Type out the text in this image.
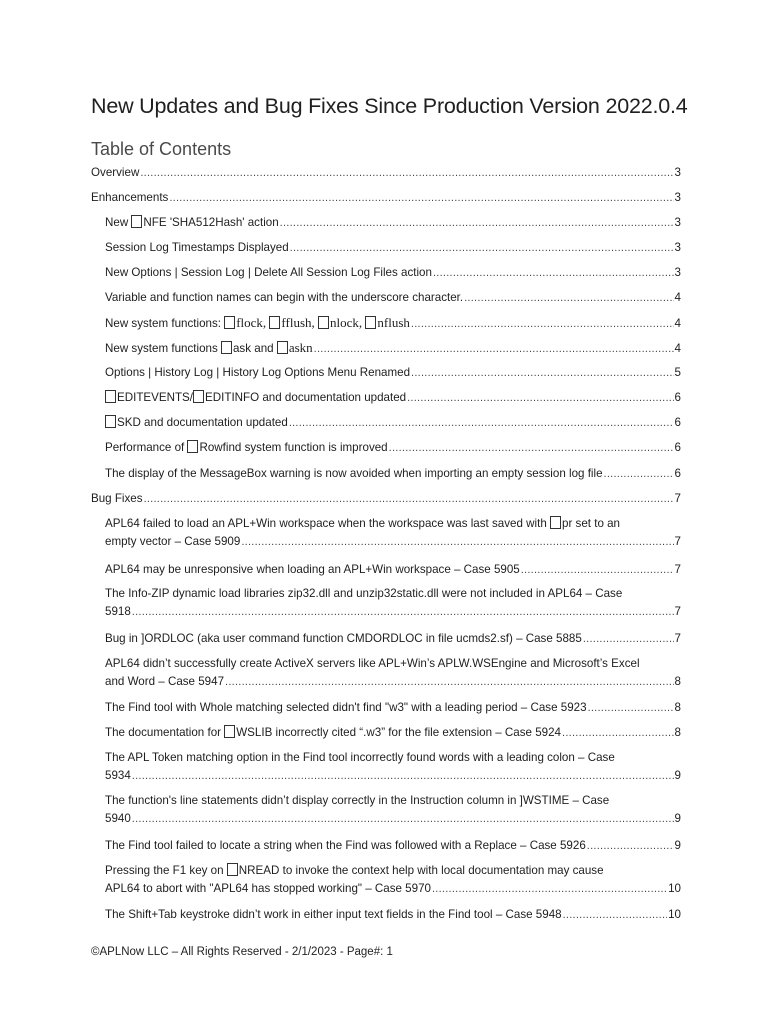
New Updates and Bug Fixes Since Production Version 2022.0.4
Table of Contents
Overview . . .	3
Enhancements . . .	3
New NFE 'SHA512Hash' action . . .	3
Session Log Timestamps Displayed . . .	3
New Options | Session Log | Delete All Session Log Files action . . .	3
Variable and function names can begin with the underscore character. . . .	4
New system functions: flock, fflush, nlock, nflush . . .	4
New system functions ask and askn . . .	4
Options | History Log | History Log Options Menu Renamed . . .	5
EDITEVENTS/ EDITINFO and documentation updated . . .	6
SKD and documentation updated . . .	6
Performance of Rowfind system function is improved . . .	6
The display of the MessageBox warning is now avoided when importing an empty session log file . . .	6
Bug Fixes . . .	7
APL64 failed to load an APL+Win workspace when the workspace was last saved with pr set to an
empty vector – Case 5909 . . .	7
APL64 may be unresponsive when loading an APL+Win workspace – Case 5905 . . .	7
The Info-ZIP dynamic load libraries zip32.dll and unzip32static.dll were not included in APL64 – Case
5918 . . .	7
Bug in ]ORDLOC (aka user command function CMDORDLOC in file ucmds2.sf) – Case 5885 . . .	7
APL64 didn’t successfully create ActiveX servers like APL+Win’s APLW.WSEngine and Microsoft’s Excel
and Word – Case 5947 . . .	8
The Find tool with Whole matching selected didn't find "w3" with a leading period – Case 5923 . . .	8
The documentation for WSLIB incorrectly cited “.w3” for the file extension – Case 5924 . . .	8
The APL Token matching option in the Find tool incorrectly found words with a leading colon – Case
5934 . . .	9
The function's line statements didn’t display correctly in the Instruction column in ]WSTIME – Case
5940 . . .	9
The Find tool failed to locate a string when the Find was followed with a Replace – Case 5926 . . .	9
Pressing the F1 key on NREAD to invoke the context help with local documentation may cause
APL64 to abort with "APL64 has stopped working" – Case 5970 . . .	10
The Shift+Tab keystroke didn’t work in either input text fields in the Find tool – Case 5948 . . .	10
©APLNow LLC – All Rights Reserved - 2/1/2023 - Page#: 1
